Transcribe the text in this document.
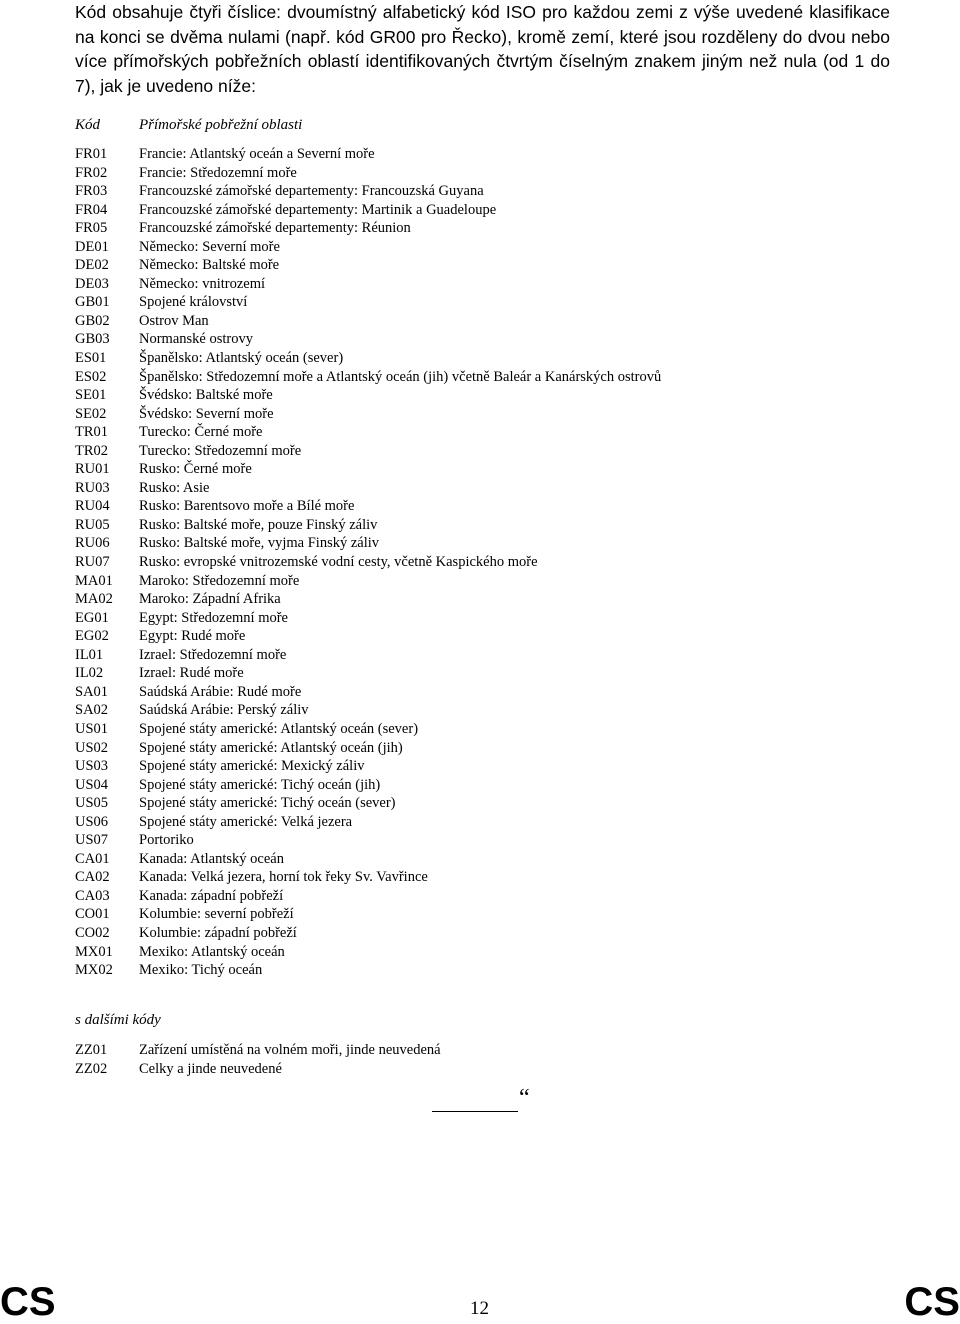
Kód obsahuje čtyři číslice: dvoumístný alfabetický kód ISO pro každou zemi z výše uvedené klasifikace na konci se dvěma nulami (např. kód GR00 pro Řecko), kromě zemí, které jsou rozděleny do dvou nebo více přímořských pobřežních oblastí identifikovaných čtvrtým číselným znakem jiným než nula (od 1 do 7), jak je uvedeno níže:

Kód	Přímořské pobřežní oblasti
FR01	Francie: Atlantský oceán a Severní moře
FR02	Francie: Středozemní moře
FR03	Francouzské zámořské departementy: Francouzská Guyana
FR04	Francouzské zámořské departementy: Martinik a Guadeloupe
FR05	Francouzské zámořské departementy: Réunion
DE01	Německo: Severní moře
DE02	Německo: Baltské moře
DE03	Německo: vnitrozemí
GB01	Spojené království
GB02	Ostrov Man
GB03	Normanské ostrovy
ES01	Španělsko: Atlantský oceán (sever)
ES02	Španělsko: Středozemní moře a Atlantský oceán (jih) včetně Baleár a Kanárských ostrovů
SE01	Švédsko: Baltské moře
SE02	Švédsko: Severní moře
TR01	Turecko: Černé moře
TR02	Turecko: Středozemní moře
RU01	Rusko: Černé moře
RU03	Rusko: Asie
RU04	Rusko: Barentsovo moře a Bílé moře
RU05	Rusko: Baltské moře, pouze Finský záliv
RU06	Rusko: Baltské moře, vyjma Finský záliv
RU07	Rusko: evropské vnitrozemské vodní cesty, včetně Kaspického moře
MA01	Maroko: Středozemní moře
MA02	Maroko: Západní Afrika
EG01	Egypt: Středozemní moře
EG02	Egypt: Rudé moře
IL01	Izrael: Středozemní moře
IL02	Izrael: Rudé moře
SA01	Saúdská Arábie: Rudé moře
SA02	Saúdská Arábie: Perský záliv
US01	Spojené státy americké: Atlantský oceán (sever)
US02	Spojené státy americké: Atlantský oceán (jih)
US03	Spojené státy americké: Mexický záliv
US04	Spojené státy americké: Tichý oceán (jih)
US05	Spojené státy americké: Tichý oceán (sever)
US06	Spojené státy americké: Velká jezera
US07	Portoriko
CA01	Kanada: Atlantský oceán
CA02	Kanada: Velká jezera, horní tok řeky Sv. Vavřince
CA03	Kanada: západní pobřeží
CO01	Kolumbie: severní pobřeží
CO02	Kolumbie: západní pobřeží
MX01	Mexiko: Atlantský oceán
MX02	Mexiko: Tichý oceán
s dalšími kódy
ZZ01	Zařízení umístěná na volném moři, jinde neuvedená
ZZ02	Celky a jinde neuvedené
“
CS	12	CS
